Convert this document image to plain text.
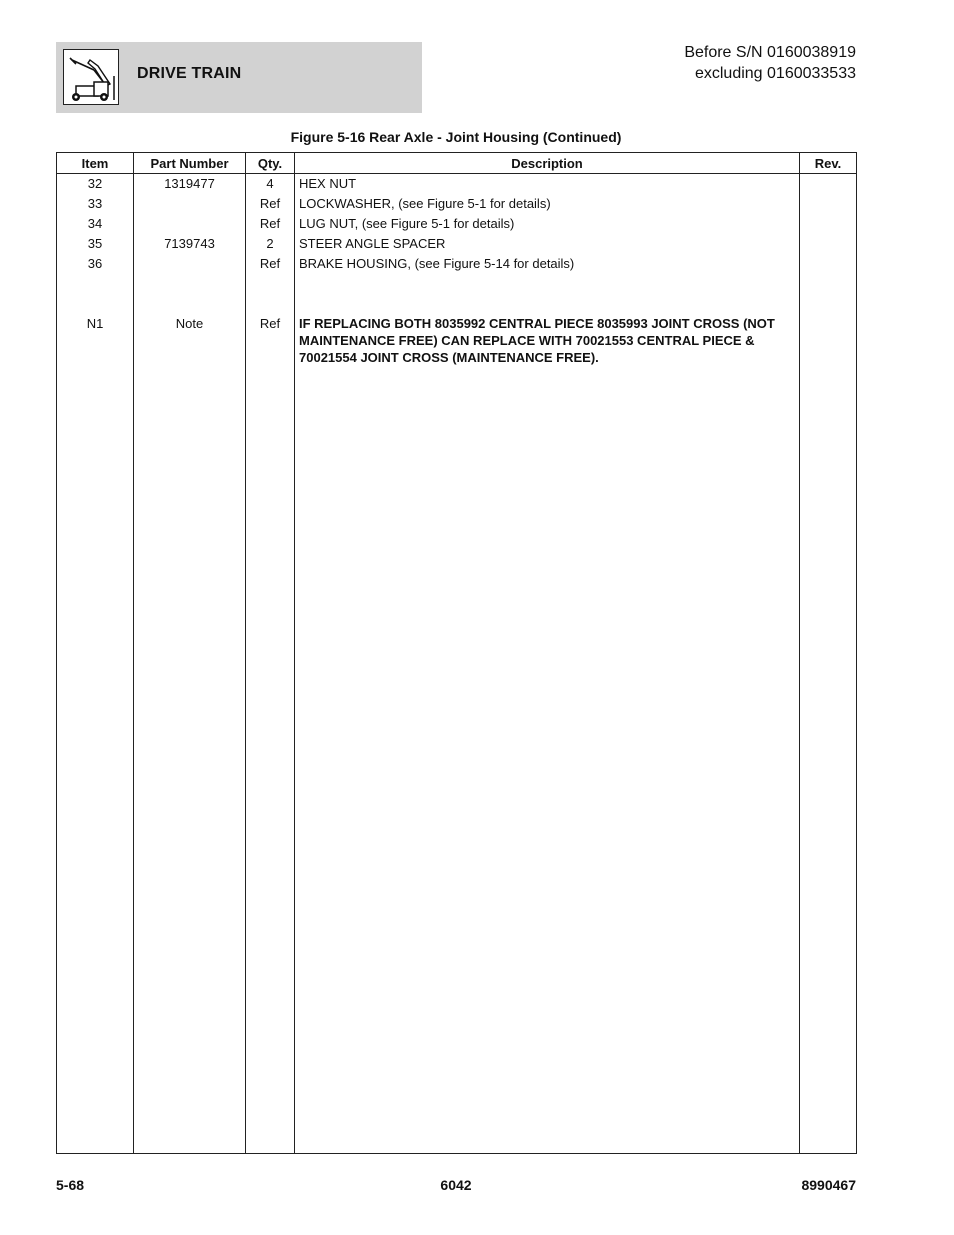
DRIVE TRAIN
Before S/N 0160038919
excluding 0160033533
Figure 5-16 Rear Axle - Joint Housing (Continued)
Item	Part Number	Qty.	Description	Rev.
32	1319477	4	HEX NUT	
33		Ref	LOCKWASHER, (see Figure 5-1 for details)	
34		Ref	LUG NUT, (see Figure 5-1 for details)	
35	7139743	2	STEER ANGLE SPACER	
36		Ref	BRAKE HOUSING, (see Figure 5-14 for details)	

N1	Note	Ref	IF REPLACING BOTH 8035992 CENTRAL PIECE 8035993 JOINT CROSS (NOT MAINTENANCE FREE) CAN REPLACE WITH 70021553 CENTRAL PIECE & 70021554 JOINT CROSS (MAINTENANCE FREE).	

5-68	6042	8990467
